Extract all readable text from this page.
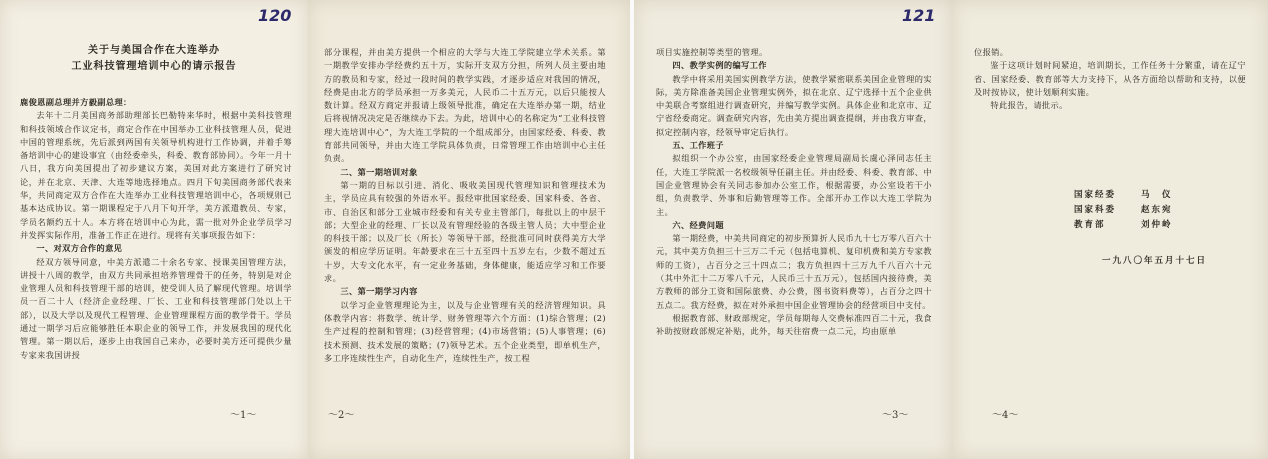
120
关于与美国合作在大连举办
工业科技管理培训中心的请示报告

鹿俊恩副总理并方毅副总理：

去年十二月美国商务部助理部长巴勒特来华时，根据中美科技管理和科技领域合作议定书，商定合作在中国举办工业科技管理人员，促进中国的管理系统，先后派到两国有关领导机构进行工作协调，并着手筹备培训中心的建设事宜（由经委牵头，科委、教育部协同）。今年一月十八日，我方向美国提出了初步建议方案，美国对此方案进行了研究讨论，并在北京、天津、大连等地选择地点。四月下旬美国商务部代表来华，共同商定双方合作在大连举办工业科技管理培训中心，各项规则已基本达成协议。第一期课程定于八月下旬开学，美方派遣教员、专家，学员名额约五十人。本方将在培训中心为此，需一批对外企业学员学习并发挥实际作用，准备工作正在进行。现将有关事项报告如下：

一、对双方合作的意见

经双方领导同意，中美方派遣二十余名专家、授课美国管理方法，讲授十八周的教学，由双方共同承担培养管理骨干的任务，特别是对企业管理人员和科技管理干部的培训，使受训人员了解现代管理。培训学员一百二十人（经济企业经理、厂长、工业和科技管理部门处以上干部），以及大学以及现代工程管理、企业管理课程方面的教学骨干。学员通过一期学习后应能够胜任本职企业的领导工作，并发展我国的现代化管理。第一期以后，逐步上由我国自己来办，必要时美方还可提供少量专家来我国讲授

～1～

部分课程，并由美方提供一个相应的大学与大连工学院建立学术关系。第一期教学安排办学经费约五十万，实际开支双方分担，所列人员主要由地方的教员和专家，经过一段时间的教学实践，才逐步适应对我国的情况，经费是由北方的学员承担一万多美元，人民币二十五万元，以后只能按人数计算。经双方商定并报请上级领导批准，确定在大连举办第一期，结业后将视情况决定是否继续办下去。为此，培训中心的名称定为“工业科技管理大连培训中心”，为大连工学院的一个组成部分，由国家经委、科委、教育部共同领导，并由大连工学院具体负责，日常管理工作由培训中心主任负责。

二、第一期培训对象

第一期的目标以引进、消化、吸收美国现代管理知识和管理技术为主，学员应具有较强的外语水平。报经审批国家经委、国家科委、各省、市、自治区和部分工业城市经委和有关专业主管部门，每批以上的中层干部；大型企业的经理、厂长以及有管理经验的各级主管人员；大中型企业的科技干部；以及厂长（所长）等领导干部，经批准可同时获得美方大学颁发的相应学历证明。年龄要求在三十五至四十五岁左右，少数不超过五十岁，大专文化水平，有一定业务基础，身体健康，能适应学习和工作要求。

三、第一期学习内容

以学习企业管理理论为主，以及与企业管理有关的经济管理知识。具体教学内容：将数学、统计学、财务管理等六个方面：(1)综合管理；(2)生产过程的控制和管理；(3)经营管理；(4)市场营销；(5)人事管理；(6)技术预测、技术发展的策略；(7)领导艺术。五个企业类型，即单机生产，多工序连续性生产，自动化生产，连续性生产，按工程

～2～
121

项目实施控制等类型的管理。

四、教学实例的编写工作

教学中将采用美国实例教学方法，使教学紧密联系美国企业管理的实际，美方除准备美国企业管理实例外，拟在北京、辽宁选择十五个企业供中美联合考察组进行调查研究，并编写教学实例。具体企业和北京市、辽宁省经委商定。调查研究内容，先由美方提出调查提纲，并由我方审查，拟定控制内容，经领导审定后执行。

五、工作班子

拟组织一个办公室，由国家经委企业管理局副局长虞心泽同志任主任，大连工学院派一名校级领导任副主任。并由经委、科委、教育部、中国企业管理协会有关同志参加办公室工作，根据需要，办公室设若干小组，负责教学、外事和后勤管理等工作。全部开办工作以大连工学院为主。

六、经费问题

第一期经费，中美共同商定的初步预算折人民币九十七万零八百六十元，其中美方负担三十三万二千元（包括电算机、复印机费和美方专家教师的工资），占百分之三十四点二；我方负担四十三万九千八百六十元（其中外汇十二万零八千元，人民币三十五万元），包括国内接待费，美方教师的部分工资和国际旅费、办公费，图书资料费等），占百分之四十五点二。我方经费，拟在对外承担中国企业管理协会的经营项目中支付。

根据教育部、财政部规定，学员每期每人交费标准四百二十元，我食补助按财政部规定补贴，此外，每天往宿费一点二元，均由原单

～3～

位报销。

鉴于这项计划时间紧迫，培训期长，工作任务十分繁重，请在辽宁省、国家经委、教育部等大力支持下，从各方面给以帮助和支持，以便及时按协议，使计划顺利实施。

特此报告，请批示。

国家经委	马　仪
国家科委	赵东宛
教育部	刘仲岭
一九八〇年五月十七日
～4～
